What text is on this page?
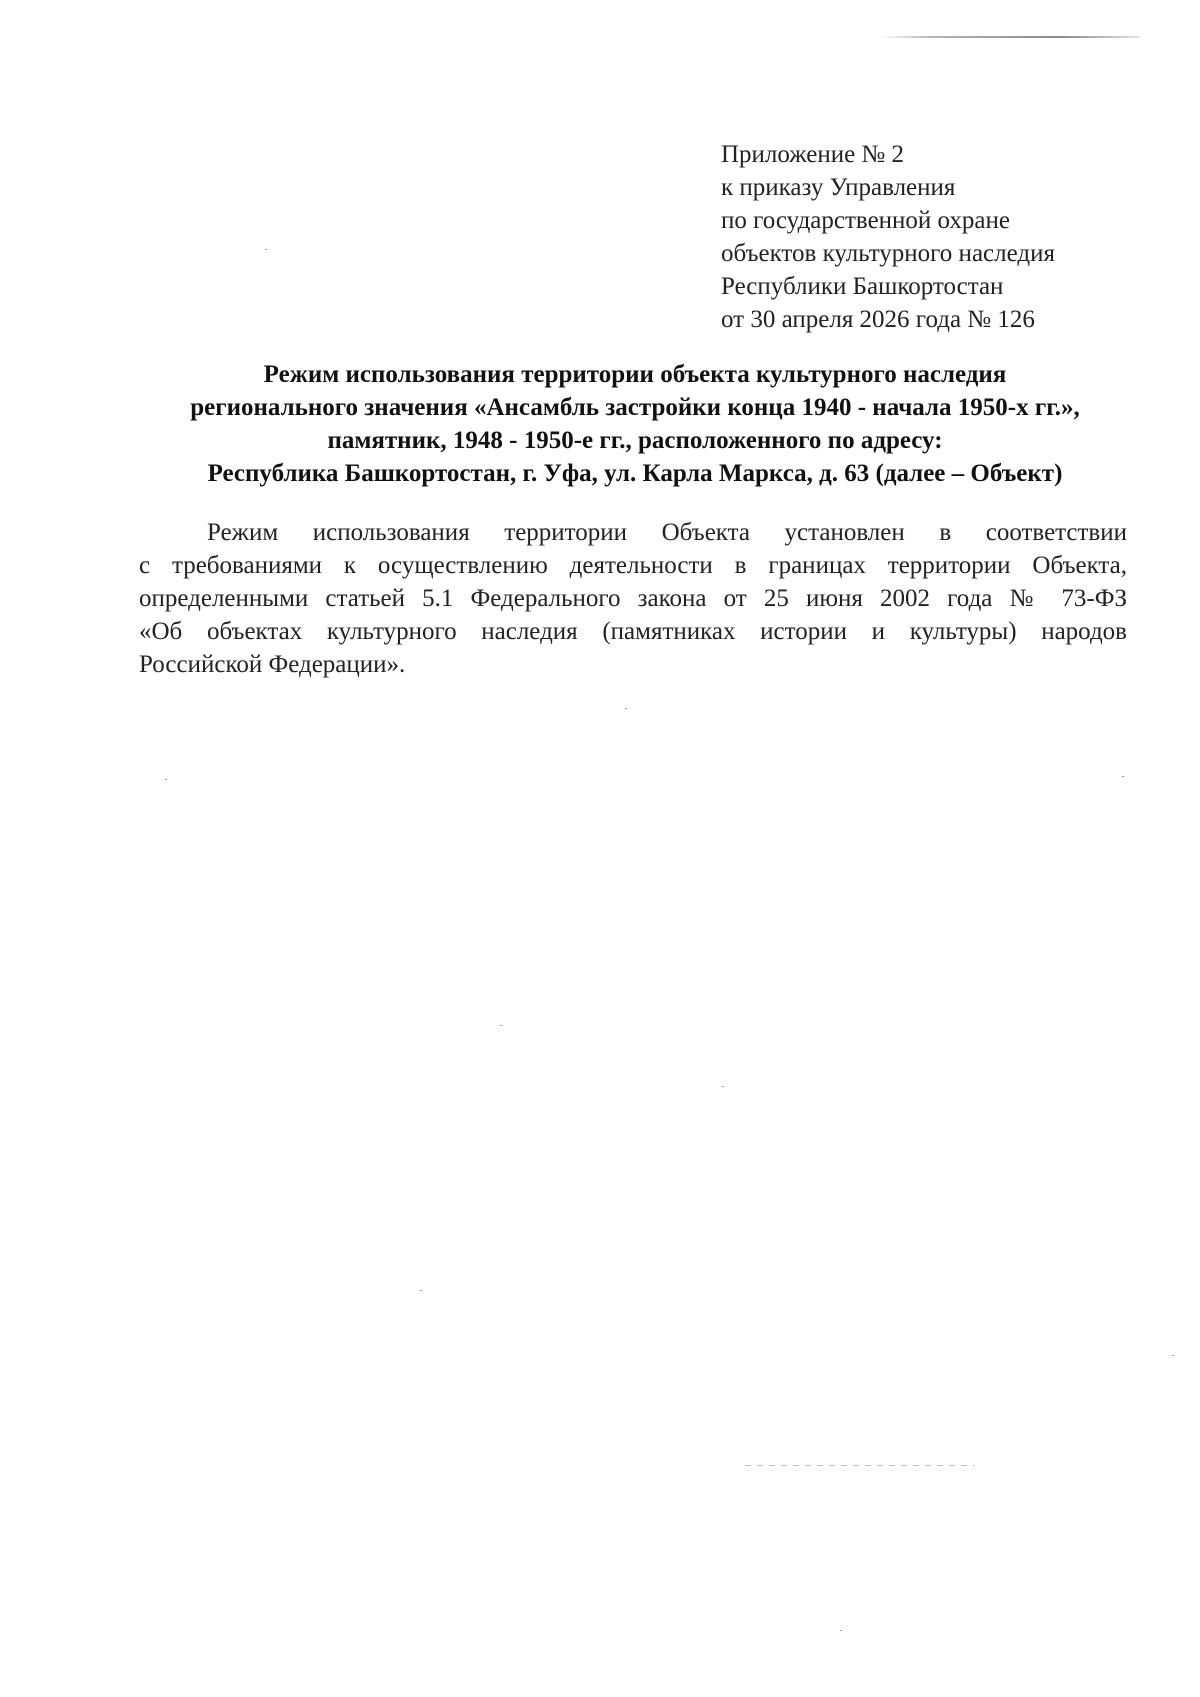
Приложение № 2
к приказу Управления
по государственной охране
объектов культурного наследия
Республики Башкортостан
от 30 апреля 2026 года № 126
Режим использования территории объекта культурного наследия
регионального значения «Ансамбль застройки конца 1940 - начала 1950-х гг.»,
памятник, 1948 - 1950-е гг., расположенного по адресу:
Республика Башкортостан, г. Уфа, ул. Карла Маркса, д. 63 (далее – Объект)
Режим использования территории Объекта установлен в соответствии
с требованиями к осуществлению деятельности в границах территории Объекта,
определенными статьей 5.1 Федерального закона от 25 июня 2002 года № 73-ФЗ
«Об объектах культурного наследия (памятниках истории и культуры) народов
Российской Федерации».
